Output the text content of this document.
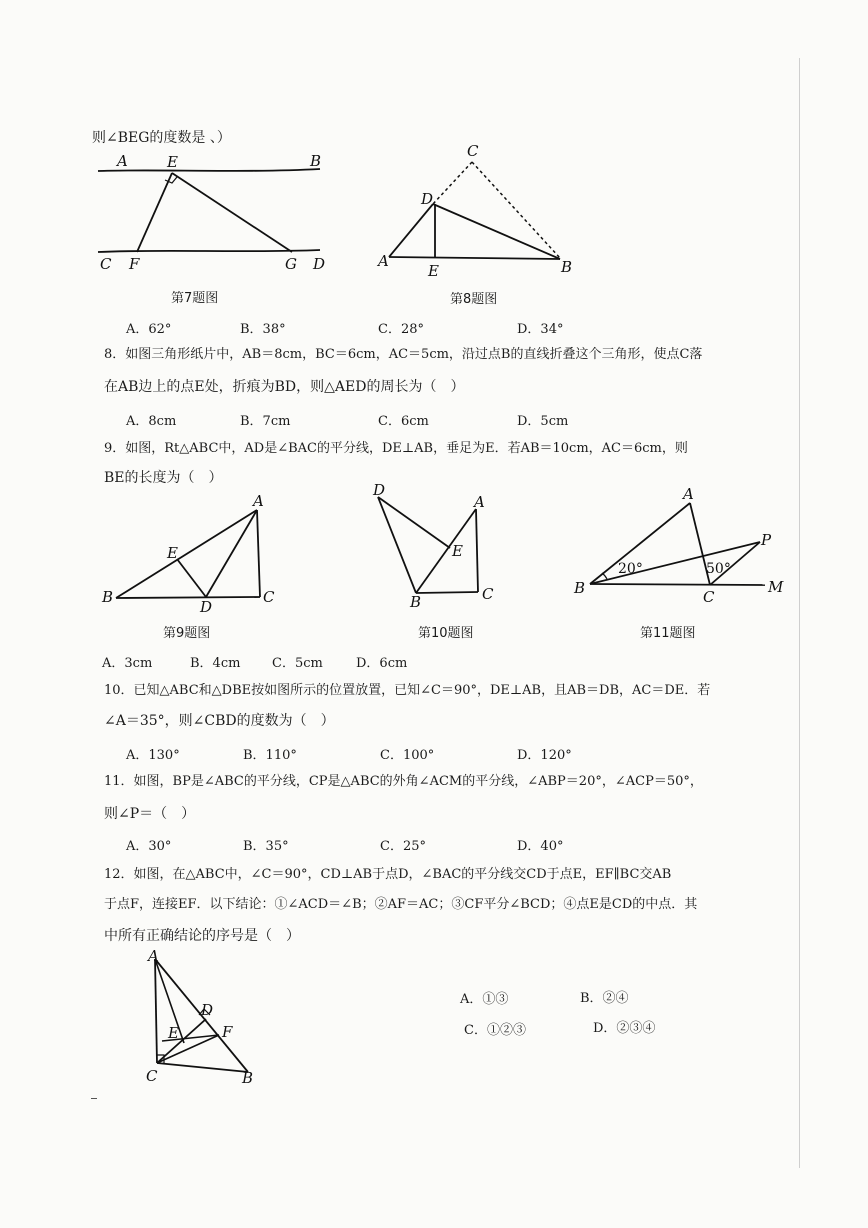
则∠BEG的度数是 、）
A	E	B
C F	G D
C
D
A
E	B
第7题图	第8题图
A．62°	B．38°	C．28°	D．34°
8．如图三角形纸片中，AB＝8cm，BC＝6cm，AC＝5cm，沿过点B的直线折叠这个三角形，使点C落
在AB边上的点E处，折痕为BD，则△AED的周长为（　）
A．8cm	B．7cm	C．6cm	D．5cm
9．如图，Rt△ABC中，AD是∠BAC的平分线，DE⊥AB，垂足为E．若AB＝10cm，AC＝6cm，则
BE的长度为（　）
A
E
B
D
C
D
A
E
B	C
A
P
B	C
M
20°	50°
第9题图	第10题图	第11题图
A．3cm	B．4cm C．5cm	D．6cm
10．已知△ABC和△DBE按如图所示的位置放置，已知∠C＝90°，DE⊥AB，且AB＝DB，AC＝DE．若
∠A＝35°，则∠CBD的度数为（　）
A．130°	B．110°	C．100°	D．120°
11．如图，BP是∠ABC的平分线，CP是△ABC的外角∠ACM的平分线，∠ABP＝20°，∠ACP＝50°，
则∠P＝（　）
A．30°	B．35°	C．25°	D．40°
12．如图，在△ABC中，∠C＝90°，CD⊥AB于点D，∠BAC的平分线交CD于点E，EF∥BC交AB
于点F，连接EF．以下结论：①∠ACD＝∠B；②AF＝AC；③CF平分∠BCD；④点E是CD的中点．其
中所有正确结论的序号是（　）
A
D
E	F
C	B
A．①③	B．②④
C．①②③	D．②③④
